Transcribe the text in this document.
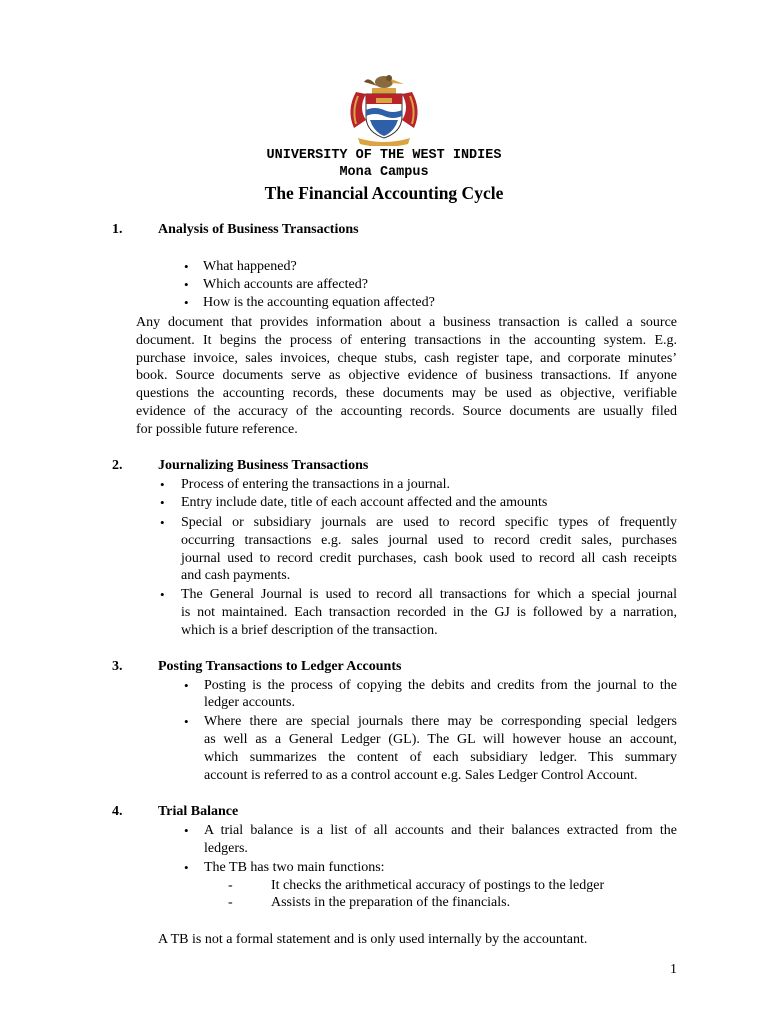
UNIVERSITY OF THE WEST INDIES
Mona Campus
The Financial Accounting Cycle
1.	Analysis of Business Transactions
• What happened?
• Which accounts are affected?
• How is the accounting equation affected?
Any document that provides information about a business transaction is called a source
document. It begins the process of entering transactions in the accounting system. E.g.
purchase invoice, sales invoices, cheque stubs, cash register tape, and corporate minutes’
book. Source documents serve as objective evidence of business transactions. If anyone
questions the accounting records, these documents may be used as objective, verifiable
evidence of the accuracy of the accounting records. Source documents are usually filed
for possible future reference.
2.	Journalizing Business Transactions
• Process of entering the transactions in a journal.
• Entry include date, title of each account affected and the amounts
• Special or subsidiary journals are used to record specific types of frequently
occurring transactions e.g. sales journal used to record credit sales, purchases
journal used to record credit purchases, cash book used to record all cash receipts
and cash payments.
• The General Journal is used to record all transactions for which a special journal
is not maintained. Each transaction recorded in the GJ is followed by a narration,
which is a brief description of the transaction.
3.	Posting Transactions to Ledger Accounts
• Posting is the process of copying the debits and credits from the journal to the
ledger accounts.
• Where there are special journals there may be corresponding special ledgers
as well as a General Ledger (GL). The GL will however house an account,
which summarizes the content of each subsidiary ledger. This summary
account is referred to as a control account e.g. Sales Ledger Control Account.
4.	Trial Balance
• A trial balance is a list of all accounts and their balances extracted from the
ledgers.
• The TB has two main functions:
-	It checks the arithmetical accuracy of postings to the ledger
-	Assists in the preparation of the financials.
A TB is not a formal statement and is only used internally by the accountant.
1
